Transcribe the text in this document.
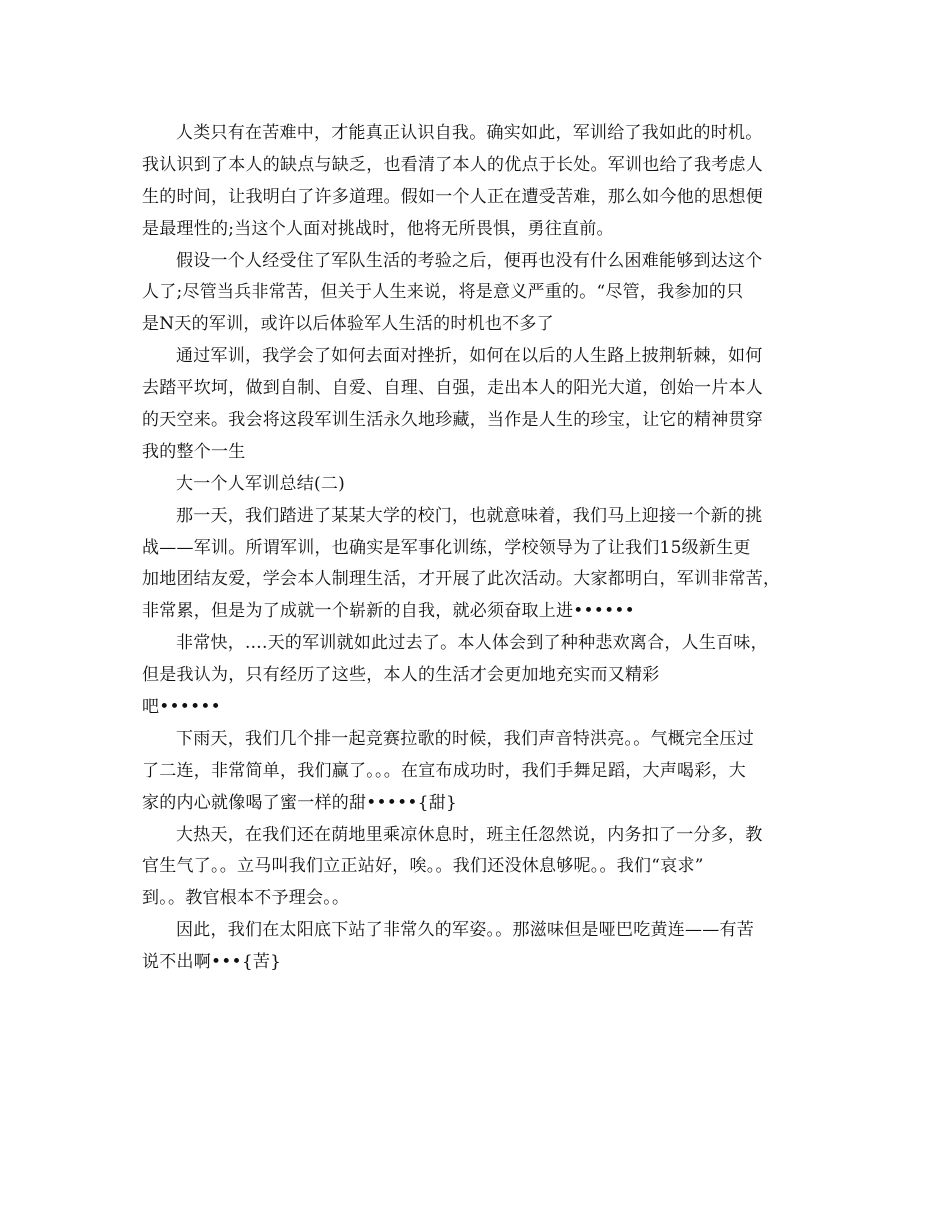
人类只有在苦难中，才能真正认识自我。确实如此，军训给了我如此的时机。
我认识到了本人的缺点与缺乏，也看清了本人的优点于长处。军训也给了我考虑人
生的时间，让我明白了许多道理。假如一个人正在遭受苦难，那么如今他的思想便
是最理性的;当这个人面对挑战时，他将无所畏惧，勇往直前。
假设一个人经受住了军队生活的考验之后，便再也没有什么困难能够到达这个
人了;尽管当兵非常苦，但关于人生来说，将是意义严重的。“尽管，我参加的只
是N天的军训，或许以后体验军人生活的时机也不多了
通过军训，我学会了如何去面对挫折，如何在以后的人生路上披荆斩棘，如何
去踏平坎坷，做到自制、自爱、自理、自强，走出本人的阳光大道，创始一片本人
的天空来。我会将这段军训生活永久地珍藏，当作是人生的珍宝，让它的精神贯穿
我的整个一生
大一个人军训总结(二)
那一天，我们踏进了某某大学的校门，也就意味着，我们马上迎接一个新的挑
战——军训。所谓军训，也确实是军事化训练，学校领导为了让我们15级新生更
加地团结友爱，学会本人制理生活，才开展了此次活动。大家都明白，军训非常苦，
非常累，但是为了成就一个崭新的自我，就必须奋取上进••••••
非常快，....天的军训就如此过去了。本人体会到了种种悲欢离合，人生百味，
但是我认为，只有经历了这些，本人的生活才会更加地充实而又精彩
吧••••••
下雨天，我们几个排一起竞赛拉歌的时候，我们声音特洪亮。。气概完全压过
了二连，非常简单，我们赢了。。。在宣布成功时，我们手舞足蹈，大声喝彩，大
家的内心就像喝了蜜一样的甜•••••{甜}
大热天，在我们还在荫地里乘凉休息时，班主任忽然说，内务扣了一分多，教
官生气了。。立马叫我们立正站好，唉。。我们还没休息够呢。。我们“哀求”
到。。教官根本不予理会。。
因此，我们在太阳底下站了非常久的军姿。。那滋味但是哑巴吃黄连——有苦
说不出啊•••{苦}
